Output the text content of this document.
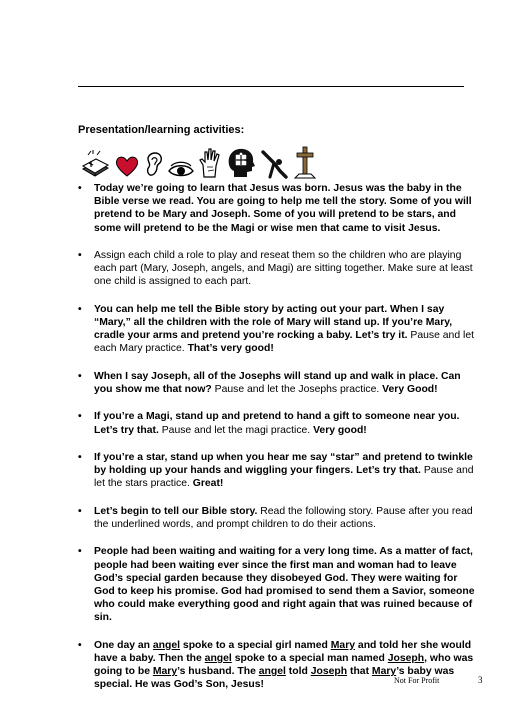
Presentation/learning activities:
• Today we’re going to learn that Jesus was born. Jesus was the baby in the Bible verse we read. You are going to help me tell the story. Some of you will pretend to be Mary and Joseph. Some of you will pretend to be stars, and some will pretend to be the Magi or wise men that came to visit Jesus.
• Assign each child a role to play and reseat them so the children who are playing each part (Mary, Joseph, angels, and Magi) are sitting together. Make sure at least one child is assigned to each part.
• You can help me tell the Bible story by acting out your part. When I say “Mary,” all the children with the role of Mary will stand up. If you’re Mary, cradle your arms and pretend you’re rocking a baby. Let’s try it. Pause and let each Mary practice. That’s very good!
• When I say Joseph, all of the Josephs will stand up and walk in place. Can you show me that now? Pause and let the Josephs practice. Very Good!
• If you’re a Magi, stand up and pretend to hand a gift to someone near you. Let’s try that. Pause and let the magi practice. Very good!
• If you’re a star, stand up when you hear me say “star” and pretend to twinkle by holding up your hands and wiggling your fingers. Let’s try that. Pause and let the stars practice. Great!
• Let’s begin to tell our Bible story. Read the following story. Pause after you read the underlined words, and prompt children to do their actions.
• People had been waiting and waiting for a very long time. As a matter of fact, people had been waiting ever since the first man and woman had to leave God’s special garden because they disobeyed God. They were waiting for God to keep his promise. God had promised to send them a Savior, someone who could make everything good and right again that was ruined because of sin.
• One day an angel spoke to a special girl named Mary and told her she would have a baby. Then the angel spoke to a special man named Joseph, who was going to be Mary’s husband. The angel told Joseph that Mary’s baby was special. He was God’s Son, Jesus!	Not For Profit	3
